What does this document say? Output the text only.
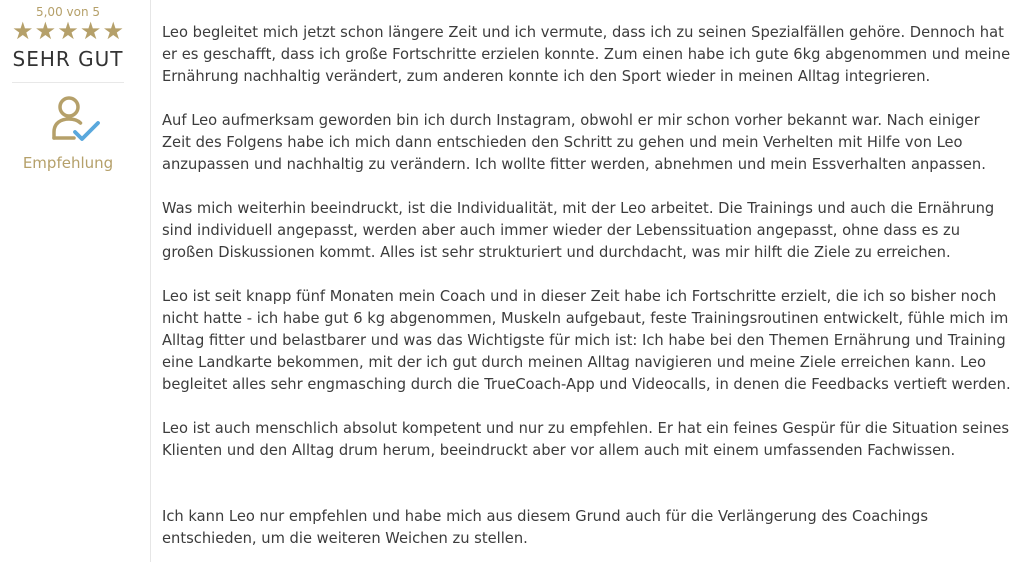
5,00 von 5
★ ★ ★ ★ ★
SEHR GUT
Empfehlung

Leo begleitet mich jetzt schon längere Zeit und ich vermute, dass ich zu seinen Spezialfällen gehöre. Dennoch hat er es geschafft, dass ich große Fortschritte erzielen konnte. Zum einen habe ich gute 6kg abgenommen und meine Ernährung nachhaltig verändert, zum anderen konnte ich den Sport wieder in meinen Alltag integrieren.

Auf Leo aufmerksam geworden bin ich durch Instagram, obwohl er mir schon vorher bekannt war. Nach einiger Zeit des Folgens habe ich mich dann entschieden den Schritt zu gehen und mein Verhelten mit Hilfe von Leo anzupassen und nachhaltig zu verändern. Ich wollte fitter werden, abnehmen und mein Essverhalten anpassen.

Was mich weiterhin beeindruckt, ist die Individualität, mit der Leo arbeitet. Die Trainings und auch die Ernährung sind individuell angepasst, werden aber auch immer wieder der Lebenssituation angepasst, ohne dass es zu großen Diskussionen kommt. Alles ist sehr strukturiert und durchdacht, was mir hilft die Ziele zu erreichen.

Leo ist seit knapp fünf Monaten mein Coach und in dieser Zeit habe ich Fortschritte erzielt, die ich so bisher noch nicht hatte - ich habe gut 6 kg abgenommen, Muskeln aufgebaut, feste Trainingsroutinen entwickelt, fühle mich im Alltag fitter und belastbarer und was das Wichtigste für mich ist: Ich habe bei den Themen Ernährung und Training eine Landkarte bekommen, mit der ich gut durch meinen Alltag navigieren und meine Ziele erreichen kann. Leo begleitet alles sehr engmasching durch die TrueCoach-App und Videocalls, in denen die Feedbacks vertieft werden.

Leo ist auch menschlich absolut kompetent und nur zu empfehlen. Er hat ein feines Gespür für die Situation seines Klienten und den Alltag drum herum, beeindruckt aber vor allem auch mit einem umfassenden Fachwissen.

Ich kann Leo nur empfehlen und habe mich aus diesem Grund auch für die Verlängerung des Coachings entschieden, um die weiteren Weichen zu stellen.
